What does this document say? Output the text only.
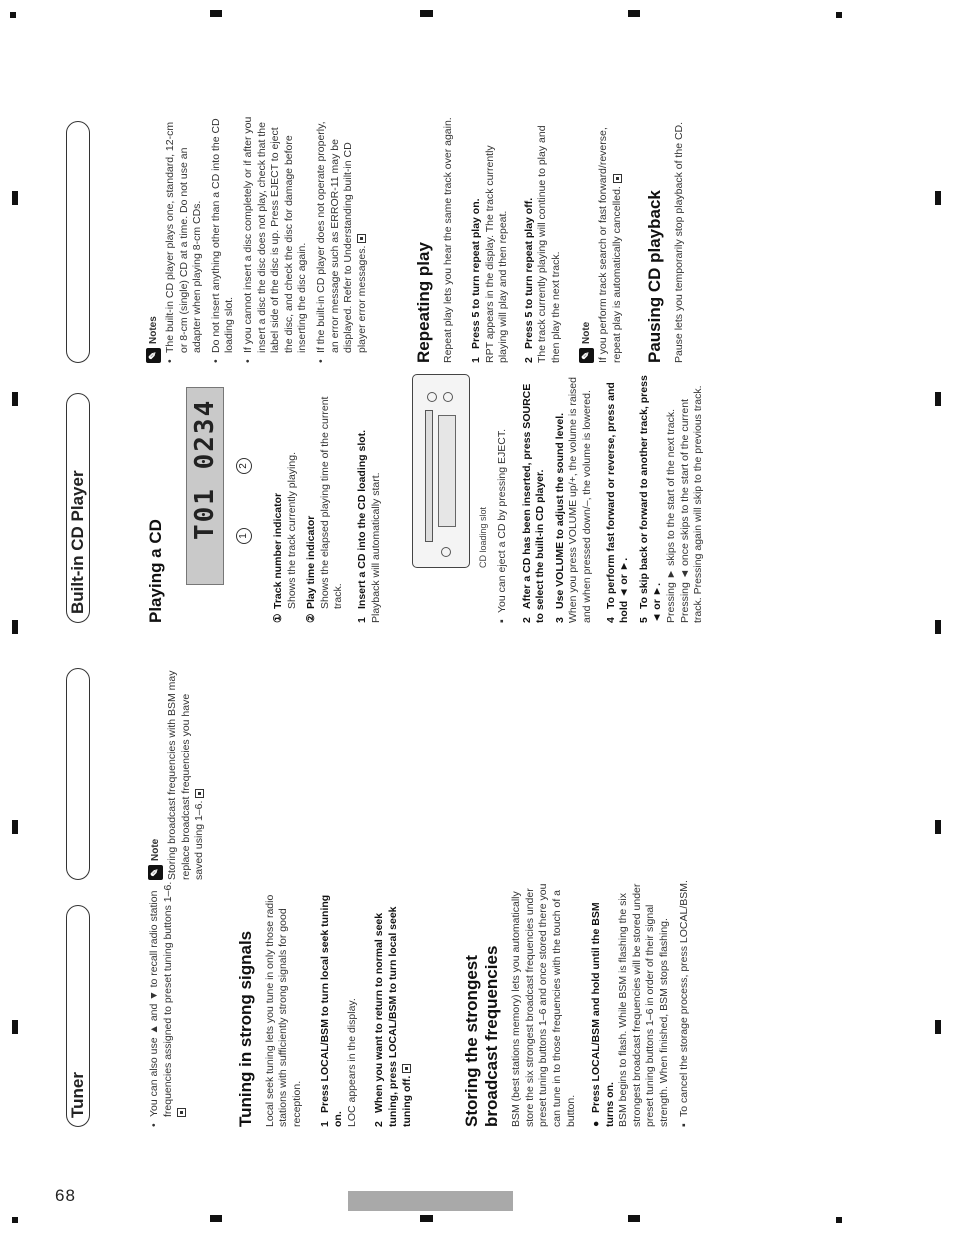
68
Tuner
Built-in CD Player
•
You can also use ▲ and ▼ to recall radio station frequencies assigned to preset tuning buttons 1–6.	Tuning in strong signals Local seek tuning lets you tune in only those radio stations with sufficiently strong signals for good reception. 1Press LOCAL/BSM to turn local seek tuning on. LOC appears in the display. 2When you want to return to normal seek tuning, press LOCAL/BSM to turn local seek tuning off.	Storing the strongest broadcast frequencies BSM (best stations memory) lets you automatically store the six strongest broadcast frequencies under preset tuning buttons 1–6 and once stored there you can tune in to those frequencies with the touch of a button. ●Press LOCAL/BSM and hold until the BSM turns on. BSM begins to flash. While BSM is flashing the six strongest broadcast frequencies will be stored under preset tuning buttons 1–6 in order of their signal strength. When finished, BSM stops flashing. ▪
To cancel the storage process, press LOCAL/BSM.
✎
Note Storing broadcast frequencies with BSM may replace broadcast frequencies you have saved using 1–6.

Playing a CD
T01 0234 1
2
①Track number indicator Shows the track currently playing.

②Play time indicator Shows the elapsed playing time of the current track.

1Insert a CD into the CD loading slot. Playback will automatically start.	CD loading slot
▪
You can eject a CD by pressing EJECT.
2After a CD has been inserted, press SOURCE to select the built-in CD player. 3Use VOLUME to adjust the sound level. When you press VOLUME up/+, the volume is raised and when pressed down/–, the volume is lowered. 4To perform fast forward or reverse, press and hold ◄ or ►. 5To skip back or forward to another track, press ◄ or ►. Pressing ► skips to the start of the next track. Pressing ◄ once skips to the start of the current track. Pressing again will skip to the previous track.

✎
Notes
•
The built-in CD player plays one, standard, 12-cm or 8-cm (single) CD at a time. Do not use an adapter when playing 8-cm CDs.
•
Do not insert anything other than a CD into the CD loading slot.
•
If you cannot insert a disc completely or if after you insert a disc the disc does not play, check that the label side of the disc is up. Press EJECT to eject the disc, and check the disc for damage before inserting the disc again.
•
If the built-in CD player does not operate properly, an error message such as ERROR-11 may be displayed. Refer to Understanding built-in CD player error messages.	Repeating play Repeat play lets you hear the same track over again. 1Press 5 to turn repeat play on. RPT appears in the display. The track currently playing will play and then repeat. 2Press 5 to turn repeat play off. The track currently playing will continue to play and then play the next track. ✎
Note If you perform track search or fast forward/reverse, repeat play is automatically cancelled. Pausing CD playback Pause lets you temporarily stop playback of the CD.
